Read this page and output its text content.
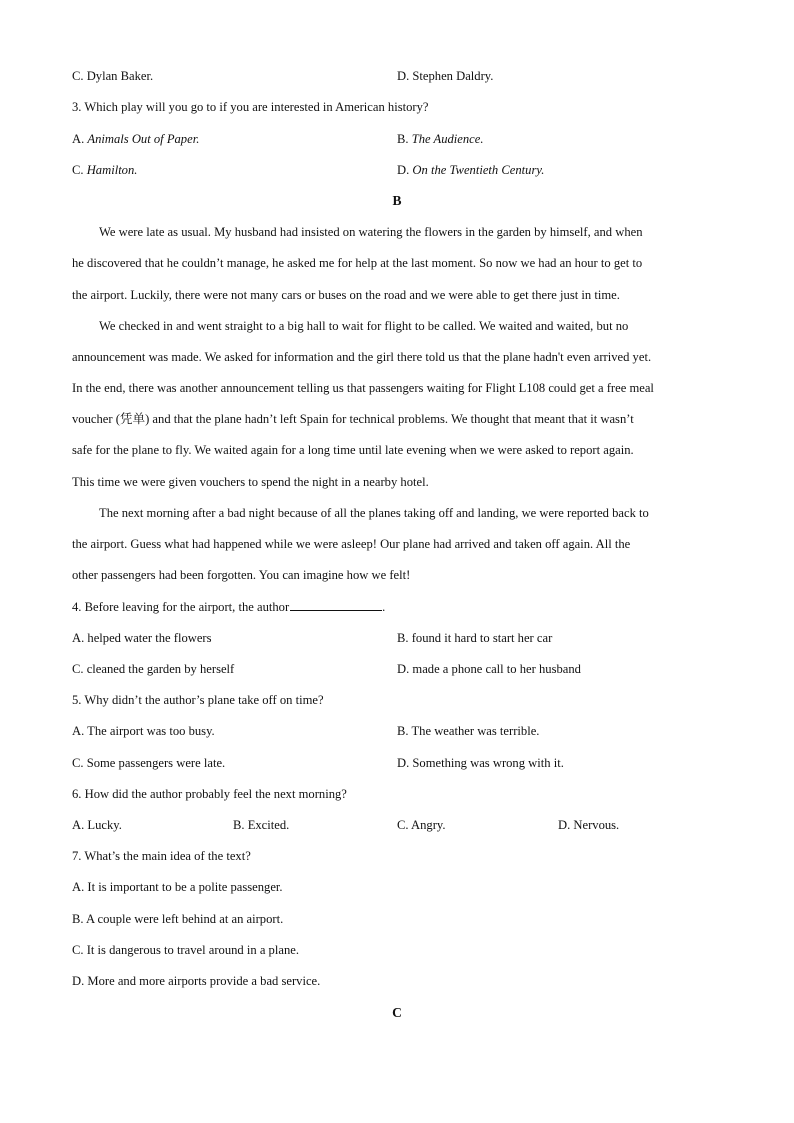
C. Dylan Baker.	D. Stephen Daldry.
3. Which play will you go to if you are interested in American history?
A. Animals Out of Paper.	B. The Audience.
C. Hamilton.	D. On the Twentieth Century.
B
We were late as usual. My husband had insisted on watering the flowers in the garden by himself, and when
he discovered that he couldn’t manage, he asked me for help at the last moment. So now we had an hour to get to
the airport. Luckily, there were not many cars or buses on the road and we were able to get there just in time.
We checked in and went straight to a big hall to wait for flight to be called. We waited and waited, but no
announcement was made. We asked for information and the girl there told us that the plane hadn't even arrived yet.
In the end, there was another announcement telling us that passengers waiting for Flight L108 could get a free meal
voucher (凭单) and that the plane hadn’t left Spain for technical problems. We thought that meant that it wasn’t
safe for the plane to fly. We waited again for a long time until late evening when we were asked to report again.
This time we were given vouchers to spend the night in a nearby hotel.
The next morning after a bad night because of all the planes taking off and landing, we were reported back to
the airport. Guess what had happened while we were asleep! Our plane had arrived and taken off again. All the
other passengers had been forgotten. You can imagine how we felt!
4. Before leaving for the airport, the author	.
A. helped water the flowers	B. found it hard to start her car
C. cleaned the garden by herself	D. made a phone call to her husband
5. Why didn’t the author’s plane take off on time?
A. The airport was too busy.	B. The weather was terrible.
C. Some passengers were late.	D. Something was wrong with it.
6. How did the author probably feel the next morning?
A. Lucky.	B. Excited.	C. Angry.	D. Nervous.
7. What’s the main idea of the text?
A. It is important to be a polite passenger.
B. A couple were left behind at an airport.
C. It is dangerous to travel around in a plane.
D. More and more airports provide a bad service.
C
